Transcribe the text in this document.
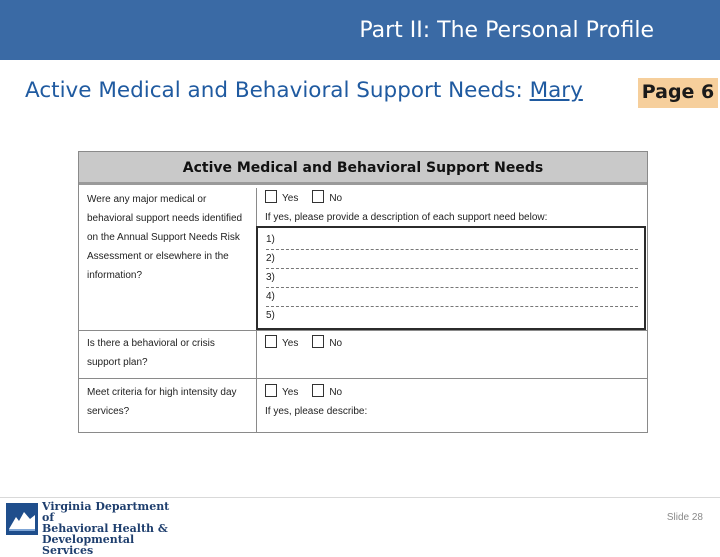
Part II: The Personal Profile
Active Medical and Behavioral Support Needs: Mary	Page 6
Active Medical and Behavioral Support Needs
Were any major medical or
behavioral support needs identified
on the Annual Support Needs Risk
Assessment or elsewhere in the
information?
Yes	No
If yes, please provide a description of each support need below:
1)
2)
3)
4)
5)
Is there a behavioral or crisis
support plan?
Yes	No
Meet criteria for high intensity day
services?
Yes	No
If yes, please describe:
Virginia Department of
Behavioral Health &
Developmental Services
Slide 28
